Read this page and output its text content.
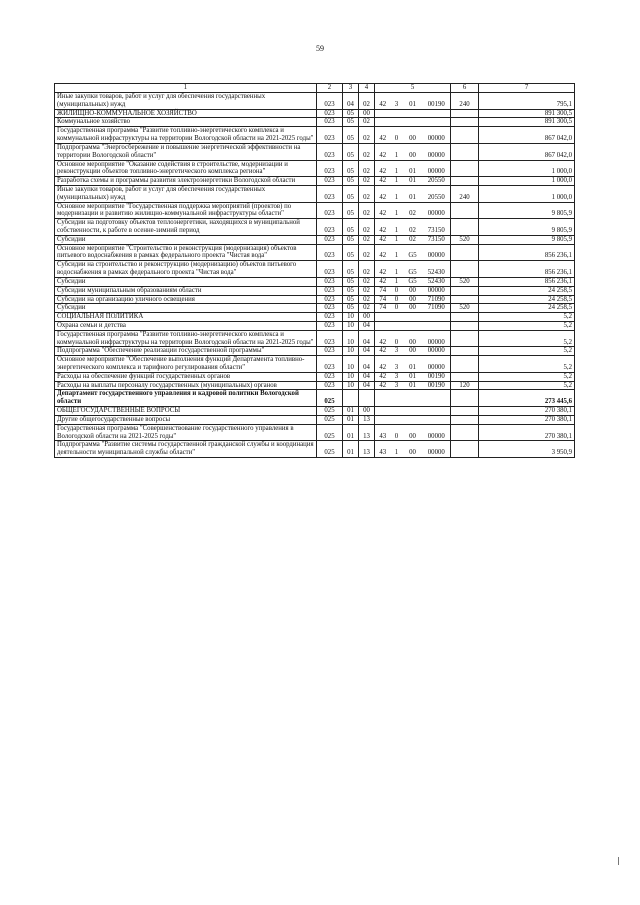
59
1	2	3	4	5				6	7
Иные закупки товаров, работ и услуг для обеспечения государственных (муниципальных) нужд	023	04	02	42	3	01	00190	240	795,1
ЖИЛИЩНО-КОММУНАЛЬНОЕ ХОЗЯЙСТВО	023	05	00						891 300,5
Коммунальное хозяйство	023	05	02						891 300,5
Государственная программа "Развитие топливно-энергетического комплекса и коммунальной инфраструктуры на территории Вологодской области на 2021-2025 годы"	023	05	02	42	0	00	00000		867 042,0
Подпрограмма "Энергосбережение и повышение энергетической эффективности на территории Вологодской области"	023	05	02	42	1	00	00000		867 042,0
Основное мероприятие "Оказание содействия в строительстве, модернизации и реконструкции объектов топливно-энергетического комплекса региона"	023	05	02	42	1	01	00000		1 000,0
Разработка схемы и программы развития электроэнергетики Вологодской области	023	05	02	42	1	01	20550		1 000,0
Иные закупки товаров, работ и услуг для обеспечения государственных (муниципальных) нужд	023	05	02	42	1	01	20550	240	1 000,0
Основное мероприятие "Государственная поддержка мероприятий (проектов) по модернизации и развитию жилищно-коммунальной инфраструктуры области"	023	05	02	42	1	02	00000		9 805,9
Субсидии на подготовку объектов теплоэнергетики, находящихся в муниципальной собственности, к работе в осенне-зимний период	023	05	02	42	1	02	73150		9 805,9
Субсидии	023	05	02	42	1	02	73150	520	9 805,9
Основное мероприятие "Строительство и реконструкция (модернизация) объектов питьевого водоснабжения в рамках федерального проекта "Чистая вода"	023	05	02	42	1	G5	00000		856 236,1
Субсидии на строительство и реконструкцию (модернизацию) объектов питьевого водоснабжения в рамках федерального проекта "Чистая вода"	023	05	02	42	1	G5	52430		856 236,1
Субсидии	023	05	02	42	1	G5	52430	520	856 236,1
Субсидии муниципальным образованиям области	023	05	02	74	0	00	00000		24 258,5
Субсидии на организацию уличного освещения	023	05	02	74	0	00	71090		24 258,5
Субсидии	023	05	02	74	0	00	71090	520	24 258,5
СОЦИАЛЬНАЯ ПОЛИТИКА	023	10	00						5,2
Охрана семьи и детства	023	10	04						5,2
Государственная программа "Развитие топливно-энергетического комплекса и коммунальной инфраструктуры на территории Вологодской области на 2021-2025 годы"	023	10	04	42	0	00	00000		5,2
Подпрограмма "Обеспечение реализации государственной программы"	023	10	04	42	3	00	00000		5,2
Основное мероприятие "Обеспечение выполнения функций Департамента топливно-энергетического комплекса и тарифного регулирования области"	023	10	04	42	3	01	00000		5,2
Расходы на обеспечение функций государственных органов	023	10	04	42	3	01	00190		5,2
Расходы на выплаты персоналу государственных (муниципальных) органов	023	10	04	42	3	01	00190	120	5,2
Департамент государственного управления и кадровой политики Вологодской области	025								273 445,6
ОБЩЕГОСУДАРСТВЕННЫЕ ВОПРОСЫ	025	01	00						270 380,1
Другие общегосударственные вопросы	025	01	13						270 380,1
Государственная программа "Совершенствование государственного управления в Вологодской области на 2021-2025 годы"	025	01	13	43	0	00	00000		270 380,1
Подпрограмма "Развитие системы государственной гражданской службы и координация деятельности муниципальной службы области"	025	01	13	43	1	00	00000		3 950,9
